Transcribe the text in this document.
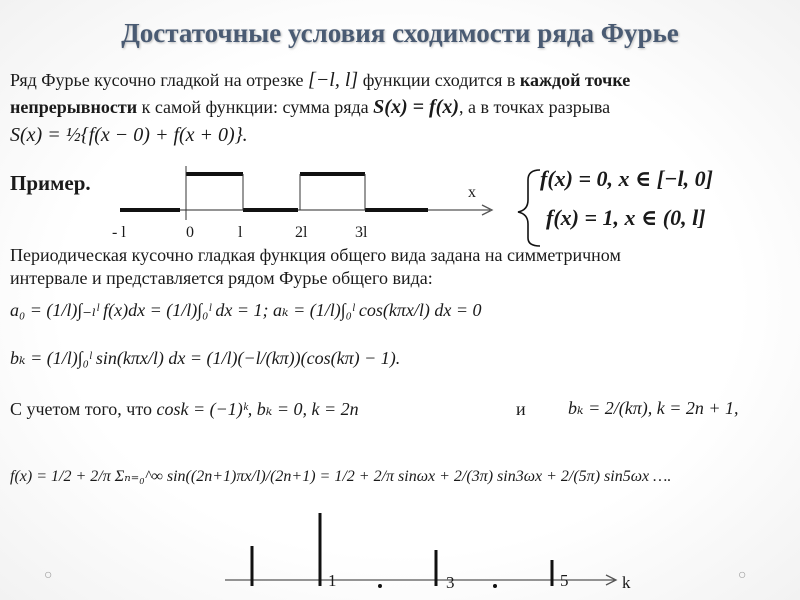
Достаточные условия сходимости ряда Фурье
Ряд Фурье кусочно гладкой на отрезке [−l, l] функции сходится в каждой точке
непрерывности к самой функции: сумма ряда S(x) = f(x), а в точках разрыва
S(x) = ½{f(x − 0) + f(x + 0)}.
Пример.	x
- l	0	l	2l	3l
f(x) = 0, x ∈ [−l, 0]
f(x) = 1, x ∈ (0, l]
Периодическая кусочно гладкая функция общего вида задана на симметричном
интервале и представляется рядом Фурье общего вида:
a₀ = (1/l)∫₋ₗˡ f(x)dx = (1/l)∫₀ˡ dx = 1; aₖ = (1/l)∫₀ˡ cos(kπx/l) dx = 0
bₖ = (1/l)∫₀ˡ sin(kπx/l) dx = (1/l)(−l/(kπ))(cos(kπ) − 1).
С учетом того, что cosk = (−1)ᵏ, bₖ = 0, k = 2n	и bₖ = 2/(kπ), k = 2n + 1,
f(x) = 1/2 + 2/π Σₙ₌₀^∞ sin((2n+1)πx/l)/(2n+1) = 1/2 + 2/π sinωx + 2/(3π) sin3ωx + 2/(5π) sin5ωx ….
1	3	5	k
○	○
